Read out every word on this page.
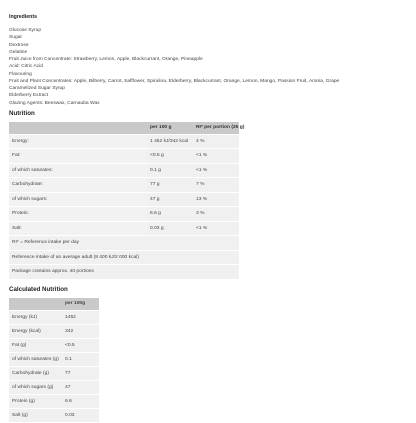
Ingredients
Glucose Syrup
Sugar
Dextrose
Gelatine
Fruit Juice from Concentrate: Strawberry, Lemon, Apple, Blackcurrant, Orange, Pineapple
Acid: Citric Acid
Flavouring
Fruit and Plant Concentrates: Apple, Bilberry, Carrot, Safflower, Spirulina, Elderberry, Blackcurrant, Orange, Lemon, Mango, Passion Fruit, Aronia, Grape
Caramelized Sugar Syrup
Elderberry Extract
Glazing Agents: Beeswax, Carnauba Wax
Nutrition
	per 100 g	RI* per portion (25 g)
Energy:	1 452 kJ/342 kcal	4 %
Fat:	<0.5 g	<1 %
of which saturates:	0.1 g	<1 %
Carbohydrate:	77 g	7 %
of which sugars:	47 g	13 %
Protein:	6.6 g	3 %
Salt:	0.03 g	<1 %
RI* = Reference intake per day		
Reference intake of an average adult (8 400 kJ/2 000 kcal)		
Package contains approx. 40 portions		
Calculated Nutrition
	per 100g
Energy (kJ)	1452
Energy (kcal)	342
Fat (g)	<0.5
of which saturates (g)	0.1
Carbohydrate (g)	77
of which sugars (g)	47
Protein (g)	6.6
Salt (g)	0.03
